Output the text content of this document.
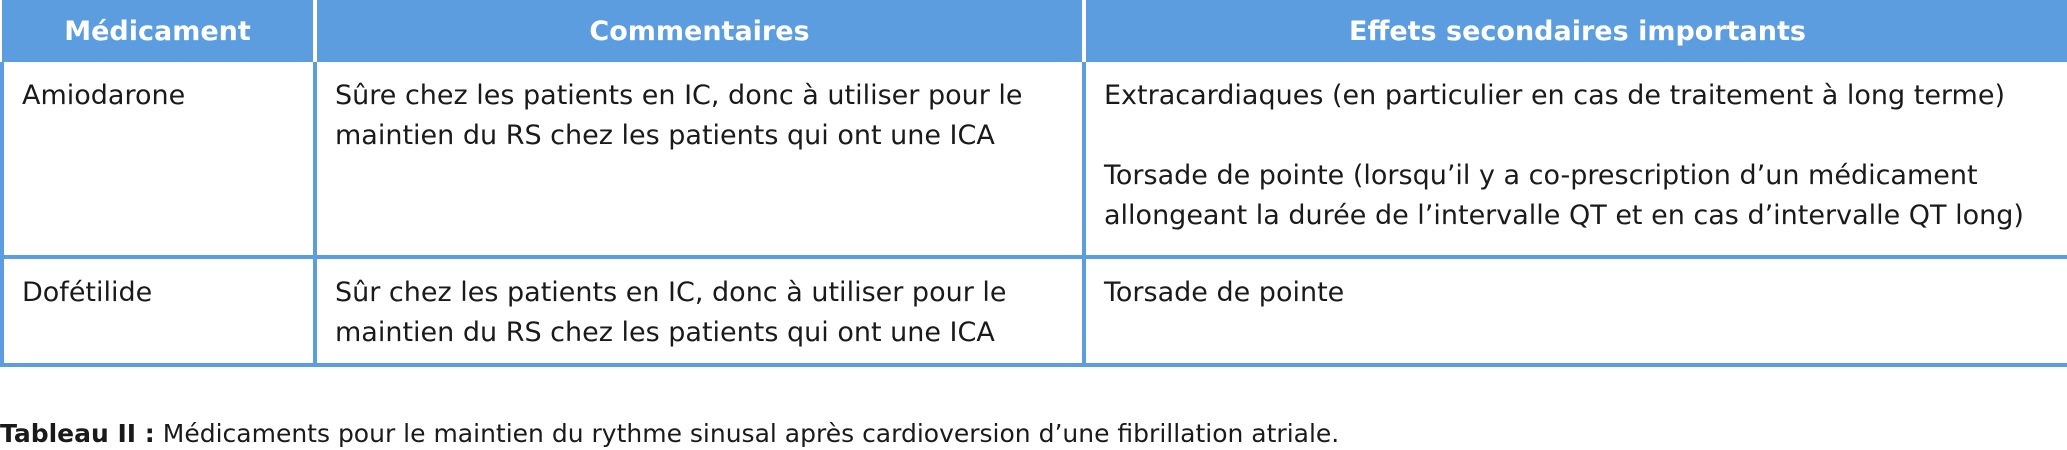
Médicament	Commentaires	Effets secondaires importants
Amiodarone	Sûre chez les patients en IC, donc à utiliser pour le maintien du RS chez les patients qui ont une ICA	Extracardiaques (en particulier en cas de traitement à long terme)
Torsade de pointe (lorsqu’il y a co-prescription d’un médicament allongeant la durée de l’intervalle QT et en cas d’intervalle QT long)

Dofétilide	Sûr chez les patients en IC, donc à utiliser pour le maintien du RS chez les patients qui ont une ICA	Torsade de pointe
Tableau II : Médicaments pour le maintien du rythme sinusal après cardioversion d’une fibrillation atriale.
